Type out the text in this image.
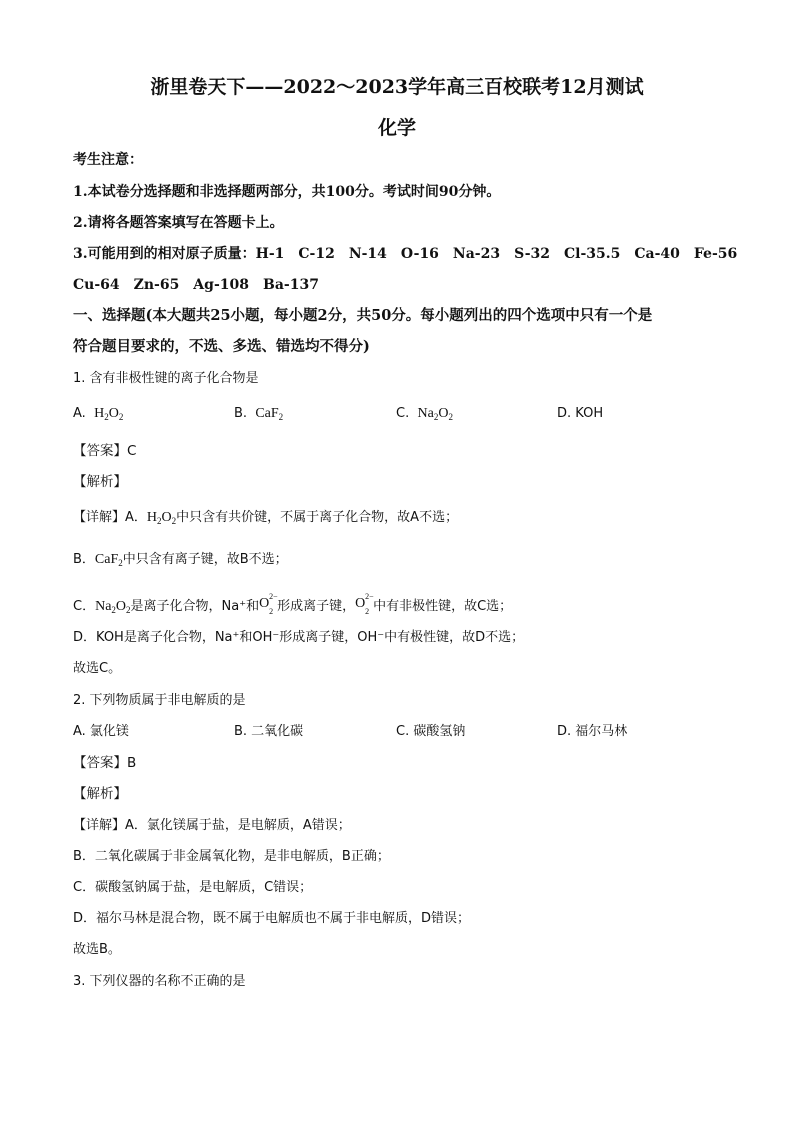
浙里卷天下——2022～2023学年高三百校联考12月测试
化学
考生注意：
1.本试卷分选择题和非选择题两部分，共100分。考试时间90分钟。
2.请将各题答案填写在答题卡上。
3.可能用到的相对原子质量：H-1　C-12　N-14　O-16　Na-23　S-32　Cl-35.5　Ca-40　Fe-56
Cu-64　Zn-65　Ag-108　Ba-137
一、选择题(本大题共25小题，每小题2分，共50分。每小题列出的四个选项中只有一个是
符合题目要求的，不选、多选、错选均不得分)
1. 含有非极性键的离子化合物是
A. $H_2O_2$	B. CaF$_2$	C. $Na_2O_2$	D. KOH
【答案】C
【解析】
【详解】A．$H_2O_2$中只含有共价键，不属于离子化合物，故A不选；
B．CaF$_2$中只含有离子键，故B不选；
C．$Na_2O_2$是离子化合物，Na⁺和 O 2−
2 形成离子键， O 2−
2 中有非极性键，故C选；
D．KOH是离子化合物，Na⁺和OH⁻形成离子键，OH⁻中有极性键，故D不选；
故选C。
2. 下列物质属于非电解质的是
A. 氯化镁	B. 二氧化碳	C. 碳酸氢钠	D. 福尔马林
【答案】B
【解析】
【详解】A．氯化镁属于盐，是电解质，A错误；
B．二氧化碳属于非金属氧化物，是非电解质，B正确；
C．碳酸氢钠属于盐，是电解质，C错误；
D．福尔马林是混合物，既不属于电解质也不属于非电解质，D错误；
故选B。
3. 下列仪器的名称不正确的是
